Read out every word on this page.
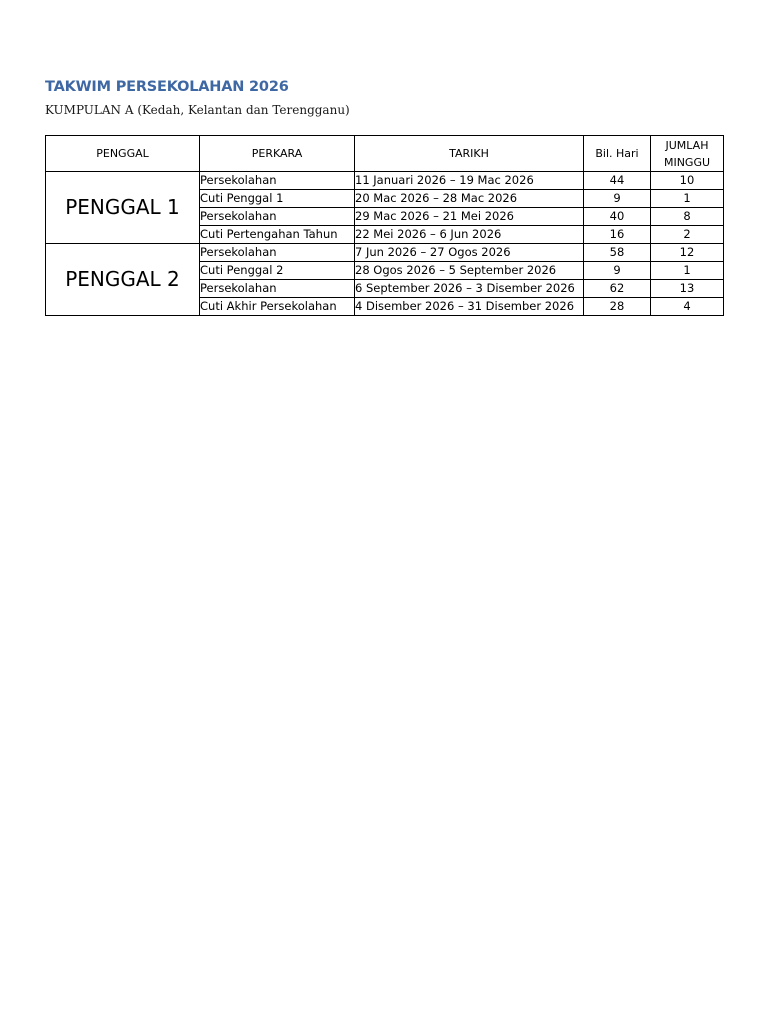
TAKWIM PERSEKOLAHAN 2026
KUMPULAN A (Kedah, Kelantan dan Terengganu)
PENGGAL	PERKARA	TARIKH	Bil. Hari	JUMLAH
MINGGU
PENGGAL 1	Persekolahan	11 Januari 2026 – 19 Mac 2026	44	10
	Cuti Penggal 1	20 Mac 2026 – 28 Mac 2026	9	1
	Persekolahan	29 Mac 2026 – 21 Mei 2026	40	8
	Cuti Pertengahan Tahun	22 Mei 2026 – 6 Jun 2026	16	2
PENGGAL 2	Persekolahan	7 Jun 2026 – 27 Ogos 2026	58	12
	Cuti Penggal 2	28 Ogos 2026 – 5 September 2026	9	1
	Persekolahan	6 September 2026 – 3 Disember 2026	62	13
	Cuti Akhir Persekolahan	4 Disember 2026 – 31 Disember 2026	28	4
